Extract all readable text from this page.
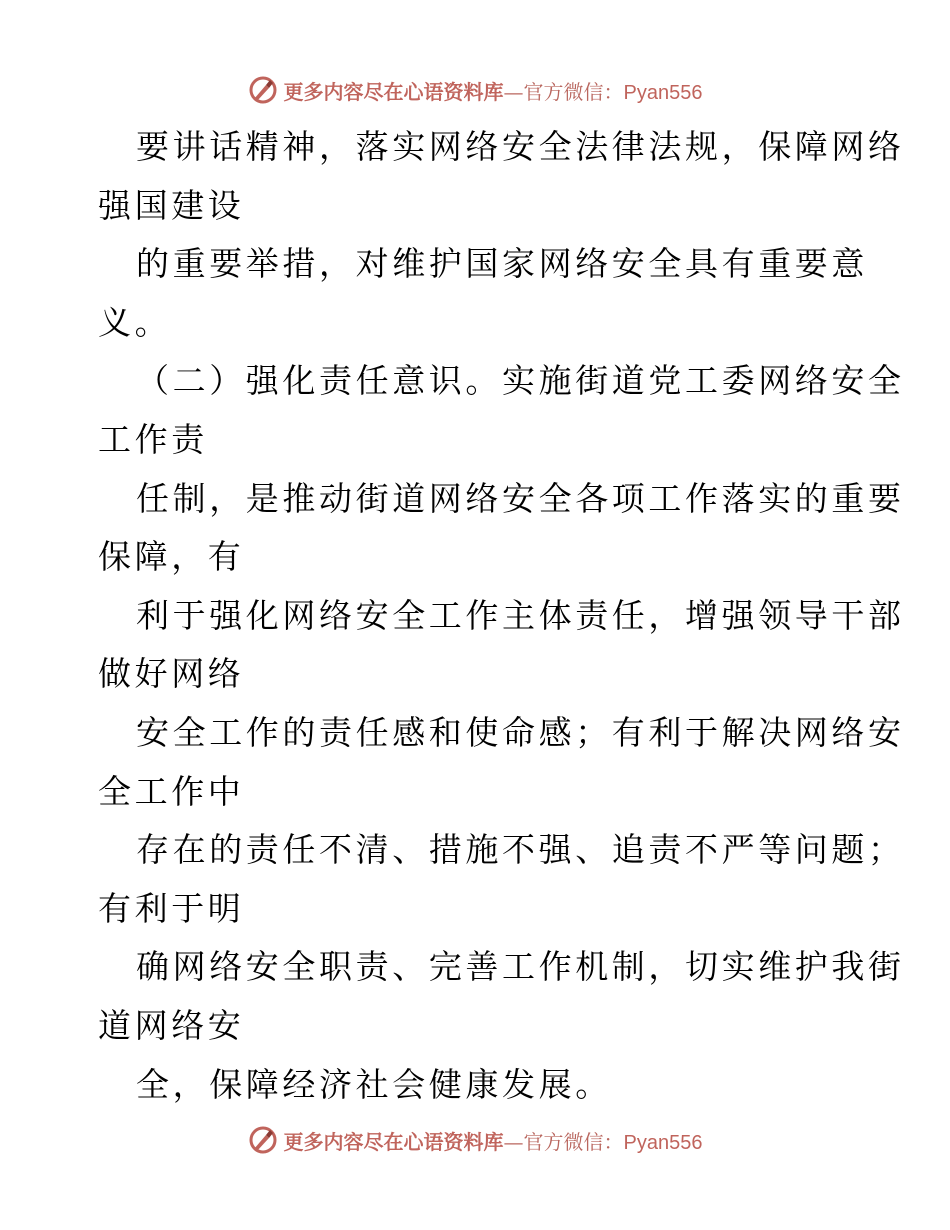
更多内容尽在心语资料库—官方微信：Pyan556
要讲话精神，落实网络安全法律法规，保障网络
强国建设
的重要举措，对维护国家网络安全具有重要意
义。
（二）强化责任意识。实施街道党工委网络安全
工作责
任制，是推动街道网络安全各项工作落实的重要
保障，有
利于强化网络安全工作主体责任，增强领导干部
做好网络
安全工作的责任感和使命感；有利于解决网络安
全工作中
存在的责任不清、措施不强、追责不严等问题；
有利于明
确网络安全职责、完善工作机制，切实维护我街
道网络安
全，保障经济社会健康发展。
更多内容尽在心语资料库—官方微信：Pyan556
